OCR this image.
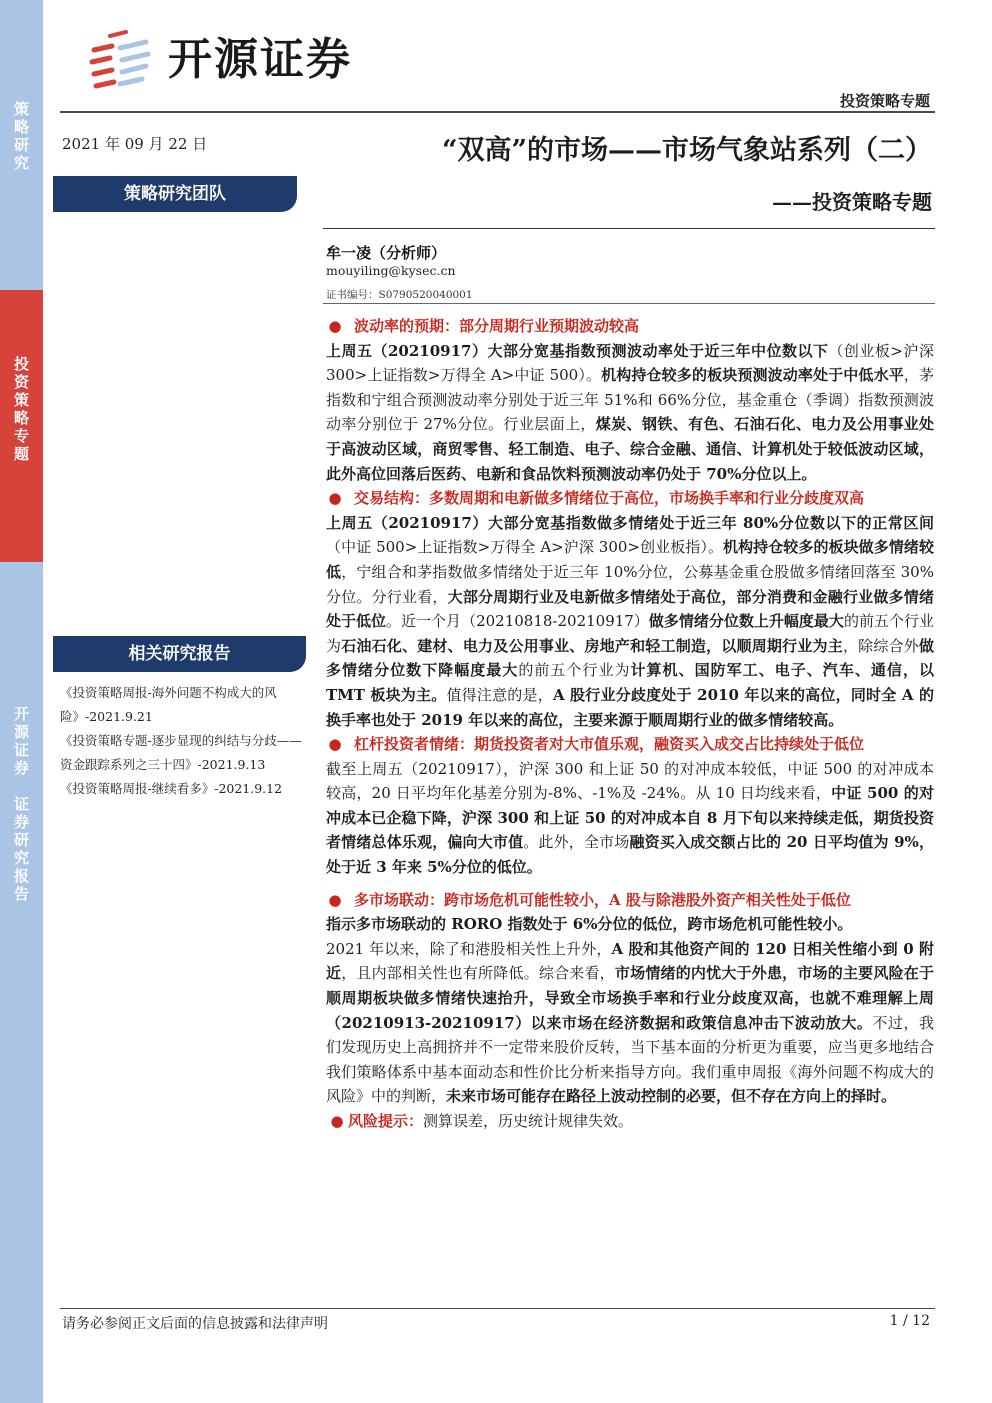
策
略
研
究
投
资
策
略
专
题
开
源
证
券

证
券
研
究
报
告
开源证券
投资策略专题
2021 年 09 月 22 日	“双高”的市场——市场气象站系列（二）
——投资策略专题
策略研究团队
牟一凌（分析师）
mouyiling@kysec.cn
证书编号：S0790520040001
相关研究报告
《投资策略周报-海外问题不构成大的风险》-2021.9.21
《投资策略专题-逐步显现的纠结与分歧——资金跟踪系列之三十四》-2021.9.13
《投资策略周报-继续看多》-2021.9.12
● 波动率的预期：部分周期行业预期波动较高
上周五（20210917）大部分宽基指数预测波动率处于近三年中位数以下（创业板>沪深 300>上证指数>万得全 A>中证 500）。机构持仓较多的板块预测波动率处于中低水平，茅指数和宁组合预测波动率分别处于近三年 51%和 66%分位，基金重仓（季调）指数预测波动率分别位于 27%分位。行业层面上，煤炭、钢铁、有色、石油石化、电力及公用事业处于高波动区域，商贸零售、轻工制造、电子、综合金融、通信、计算机处于较低波动区域，此外高位回落后医药、电新和食品饮料预测波动率仍处于 70%分位以上。
● 交易结构：多数周期和电新做多情绪位于高位，市场换手率和行业分歧度双高
上周五（20210917）大部分宽基指数做多情绪处于近三年 80%分位数以下的正常区间（中证 500>上证指数>万得全 A>沪深 300>创业板指）。机构持仓较多的板块做多情绪较低，宁组合和茅指数做多情绪处于近三年 10%分位，公募基金重仓股做多情绪回落至 30%分位。分行业看，大部分周期行业及电新做多情绪处于高位，部分消费和金融行业做多情绪处于低位。近一个月（20210818-20210917）做多情绪分位数上升幅度最大的前五个行业为石油石化、建材、电力及公用事业、房地产和轻工制造，以顺周期行业为主，除综合外做多情绪分位数下降幅度最大的前五个行业为计算机、国防军工、电子、汽车、通信，以 TMT 板块为主。值得注意的是，A 股行业分歧度处于 2010 年以来的高位，同时全 A 的换手率也处于 2019 年以来的高位，主要来源于顺周期行业的做多情绪较高。
● 杠杆投资者情绪：期货投资者对大市值乐观，融资买入成交占比持续处于低位
截至上周五（20210917），沪深 300 和上证 50 的对冲成本较低，中证 500 的对冲成本较高，20 日平均年化基差分别为-8%、-1%及 -24%。从 10 日均线来看，中证 500 的对冲成本已企稳下降，沪深 300 和上证 50 的对冲成本自 8 月下旬以来持续走低，期货投资者情绪总体乐观，偏向大市值。此外，全市场融资买入成交额占比的 20 日平均值为 9%，处于近 3 年来 5%分位的低位。
● 多市场联动：跨市场危机可能性较小，A 股与除港股外资产相关性处于低位
指示多市场联动的 RORO 指数处于 6%分位的低位，跨市场危机可能性较小。
2021 年以来，除了和港股相关性上升外，A 股和其他资产间的 120 日相关性缩小到 0 附近，且内部相关性也有所降低。综合来看，市场情绪的内忧大于外患，市场的主要风险在于顺周期板块做多情绪快速抬升，导致全市场换手率和行业分歧度双高，也就不难理解上周（20210913-20210917）以来市场在经济数据和政策信息冲击下波动放大。不过，我们发现历史上高拥挤并不一定带来股价反转，当下基本面的分析更为重要，应当更多地结合我们策略体系中基本面动态和性价比分析来指导方向。我们重申周报《海外问题不构成大的风险》中的判断，未来市场可能存在路径上波动控制的必要，但不存在方向上的择时。
● 风险提示：测算误差，历史统计规律失效。
请务必参阅正文后面的信息披露和法律声明	1 / 12
